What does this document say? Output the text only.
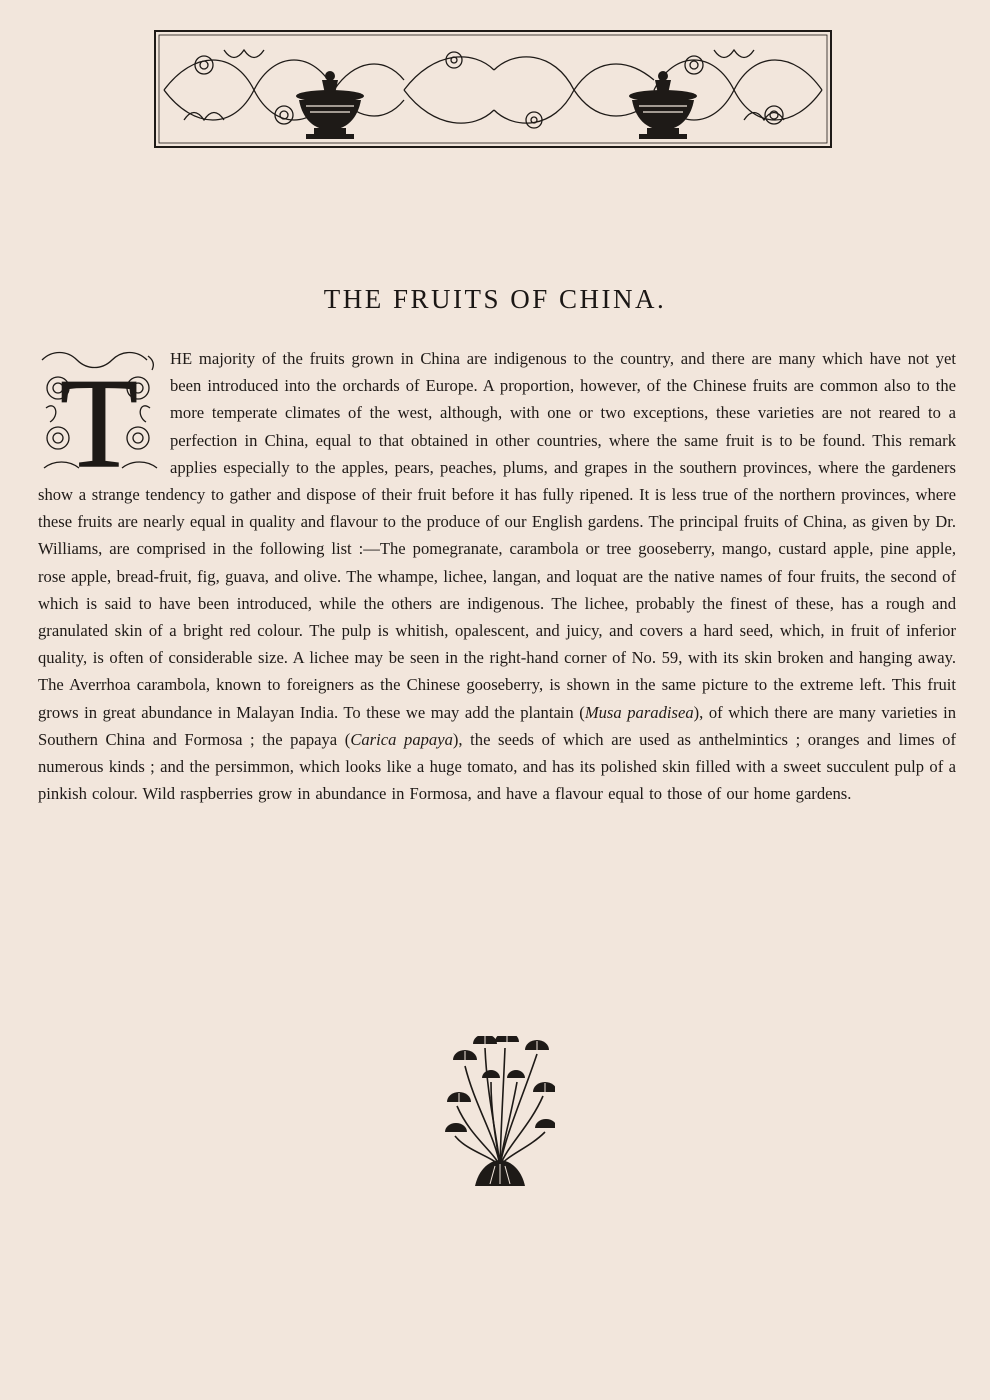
THE FRUITS OF CHINA.
T	HE majority of the fruits grown in China are indigenous to the country, and there are many which have not yet been introduced into the orchards of Europe. A proportion, however, of the Chinese fruits are common also to the more temperate climates of the west, although, with one or two exceptions, these varieties are not reared to a perfection in China, equal to that obtained in other countries, where the same fruit is to be found. This remark applies especially to the apples, pears, peaches, plums, and grapes in the southern provinces, where the gardeners show a strange tendency to gather and dispose of their fruit before it has fully ripened. It is less true of the northern provinces, where these fruits are nearly equal in quality and flavour to the produce of our English gardens. The principal fruits of China, as given by Dr. Williams, are comprised in the following list :—The pomegranate, carambola or tree gooseberry, mango, custard apple, pine apple, rose apple, bread-fruit, fig, guava, and olive. The whampe, lichee, langan, and loquat are the native names of four fruits, the second of which is said to have been introduced, while the others are indigenous. The lichee, probably the finest of these, has a rough and granulated skin of a bright red colour. The pulp is whitish, opalescent, and juicy, and covers a hard seed, which, in fruit of inferior quality, is often of considerable size. A lichee may be seen in the right-hand corner of No. 59, with its skin broken and hanging away. The Averrhoa carambola, known to foreigners as the Chinese gooseberry, is shown in the same picture to the extreme left. This fruit grows in great abundance in Malayan India. To these we may add the plantain (Musa paradisea), of which there are many varieties in Southern China and Formosa ; the papaya (Carica papaya), the seeds of which are used as anthelmintics ; oranges and limes of numerous kinds ; and the persimmon, which looks like a huge tomato, and has its polished skin filled with a sweet succulent pulp of a pinkish colour. Wild raspberries grow in abundance in Formosa, and have a flavour equal to those of our home gardens.
